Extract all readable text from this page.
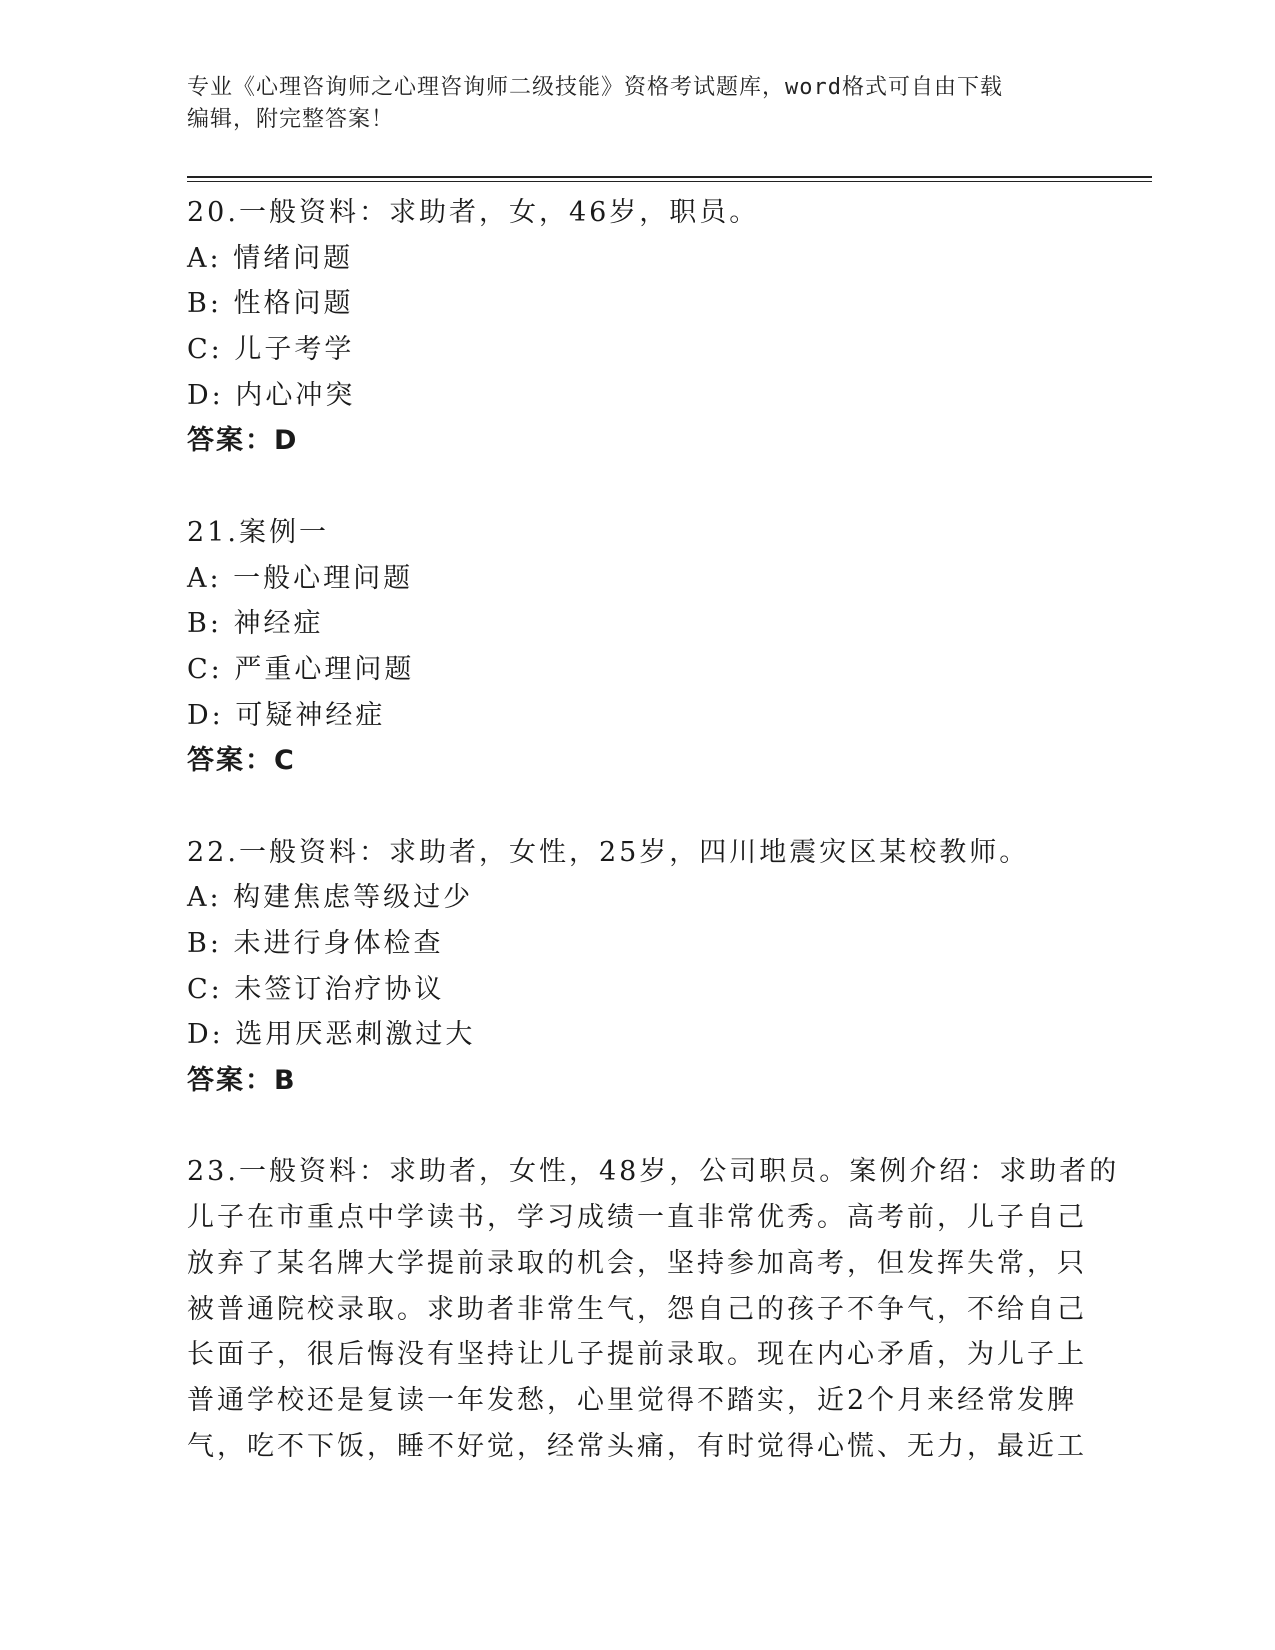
专业《心理咨询师之心理咨询师二级技能》资格考试题库，word格式可自由下载
编辑，附完整答案！
20.一般资料：求助者，女，46岁，职员。
A: 情绪问题
B: 性格问题
C: 儿子考学
D: 内心冲突
答案：D
21.案例一
A: 一般心理问题
B: 神经症
C: 严重心理问题
D: 可疑神经症
答案：C
22.一般资料：求助者，女性，25岁，四川地震灾区某校教师。
A: 构建焦虑等级过少
B: 未进行身体检查
C: 未签订治疗协议
D: 选用厌恶刺激过大
答案：B
23.一般资料：求助者，女性，48岁，公司职员。案例介绍：求助者的
儿子在市重点中学读书，学习成绩一直非常优秀。高考前，儿子自己
放弃了某名牌大学提前录取的机会，坚持参加高考，但发挥失常，只
被普通院校录取。求助者非常生气，怨自己的孩子不争气，不给自己
长面子，很后悔没有坚持让儿子提前录取。现在内心矛盾，为儿子上
普通学校还是复读一年发愁，心里觉得不踏实，近2个月来经常发脾
气，吃不下饭，睡不好觉，经常头痛，有时觉得心慌、无力，最近工
